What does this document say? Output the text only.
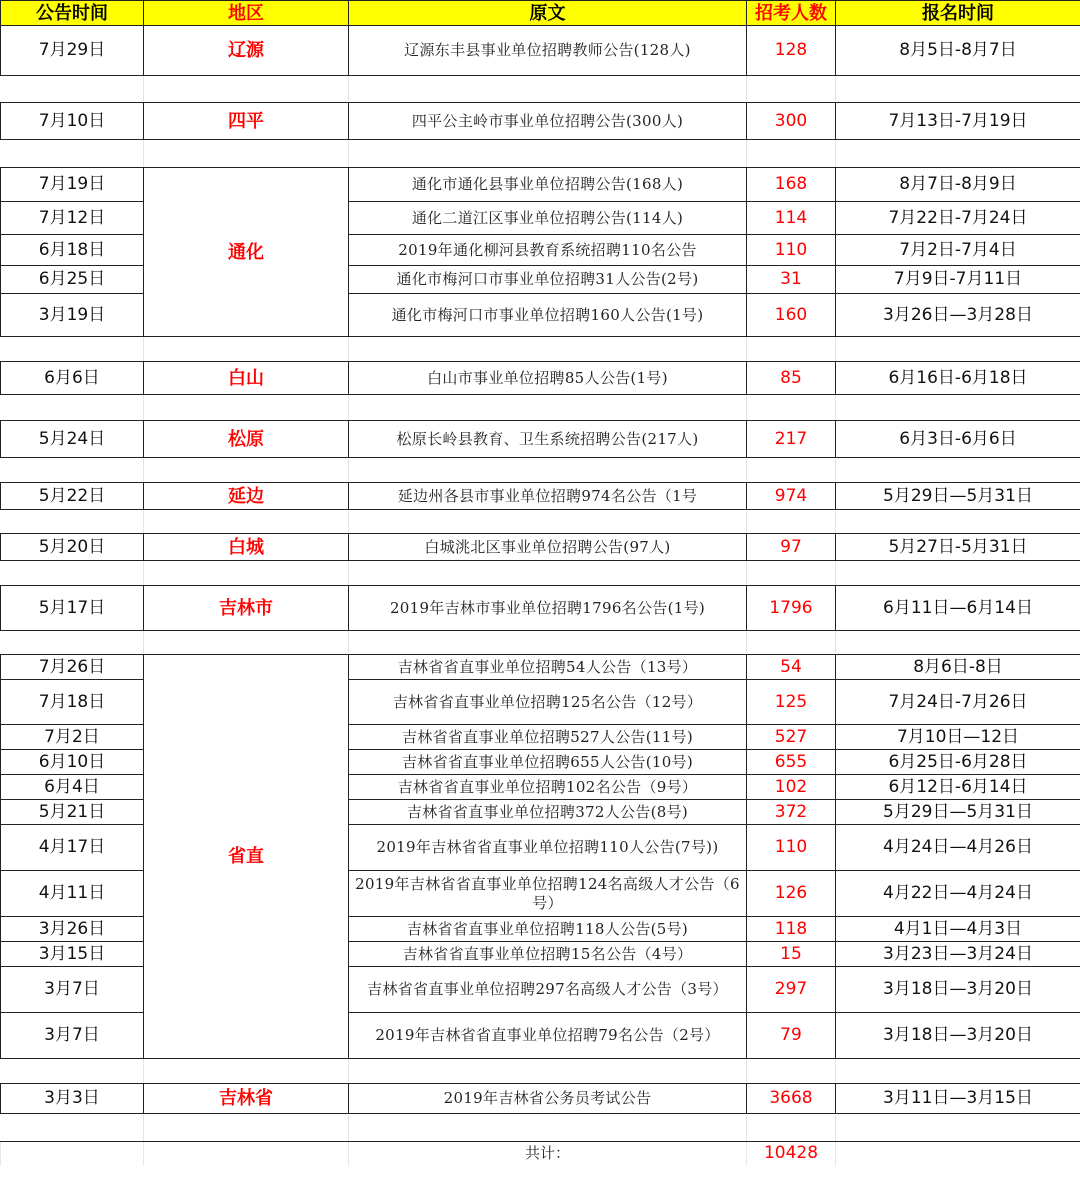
公告时间	地区	原文	招考人数	报名时间
7月29日	辽源	辽源东丰县事业单位招聘教师公告(128人)	128	8月5日-8月7日

7月10日	四平	四平公主岭市事业单位招聘公告(300人)	300	7月13日-7月19日

7月19日	通化	通化市通化县事业单位招聘公告(168人)	168	8月7日-8月9日
7月12日		通化二道江区事业单位招聘公告(114人)	114	7月22日-7月24日
6月18日		2019年通化柳河县教育系统招聘110名公告	110	7月2日-7月4日
6月25日		通化市梅河口市事业单位招聘31人公告(2号)	31	7月9日-7月11日
3月19日		通化市梅河口市事业单位招聘160人公告(1号)	160	3月26日—3月28日

6月6日	白山	白山市事业单位招聘85人公告(1号)	85	6月16日-6月18日

5月24日	松原	松原长岭县教育、卫生系统招聘公告(217人)	217	6月3日-6月6日

5月22日	延边	延边州各县市事业单位招聘974名公告（1号	974	5月29日—5月31日

5月20日	白城	白城洮北区事业单位招聘公告(97人)	97	5月27日-5月31日

5月17日	吉林市	2019年吉林市事业单位招聘1796名公告(1号)	1796	6月11日—6月14日

7月26日	省直	吉林省省直事业单位招聘54人公告（13号）	54	8月6日-8日
7月18日		吉林省省直事业单位招聘125名公告（12号）	125	7月24日-7月26日
7月2日		吉林省省直事业单位招聘527人公告(11号)	527	7月10日—12日
6月10日		吉林省省直事业单位招聘655人公告(10号)	655	6月25日-6月28日
6月4日		吉林省省直事业单位招聘102名公告（9号）	102	6月12日-6月14日
5月21日		吉林省省直事业单位招聘372人公告(8号)	372	5月29日—5月31日
4月17日		2019年吉林省省直事业单位招聘110人公告(7号))	110	4月24日—4月26日
4月11日		2019年吉林省省直事业单位招聘124名高级人才公告（6号）	126	4月22日—4月24日
3月26日		吉林省省直事业单位招聘118人公告(5号)	118	4月1日—4月3日
3月15日		吉林省省直事业单位招聘15名公告（4号）	15	3月23日—3月24日
3月7日		吉林省省直事业单位招聘297名高级人才公告（3号）	297	3月18日—3月20日
3月7日		2019年吉林省省直事业单位招聘79名公告（2号）	79	3月18日—3月20日

3月3日	吉林省	2019年吉林省公务员考试公告	3668	3月11日—3月15日

		共计：	10428	
